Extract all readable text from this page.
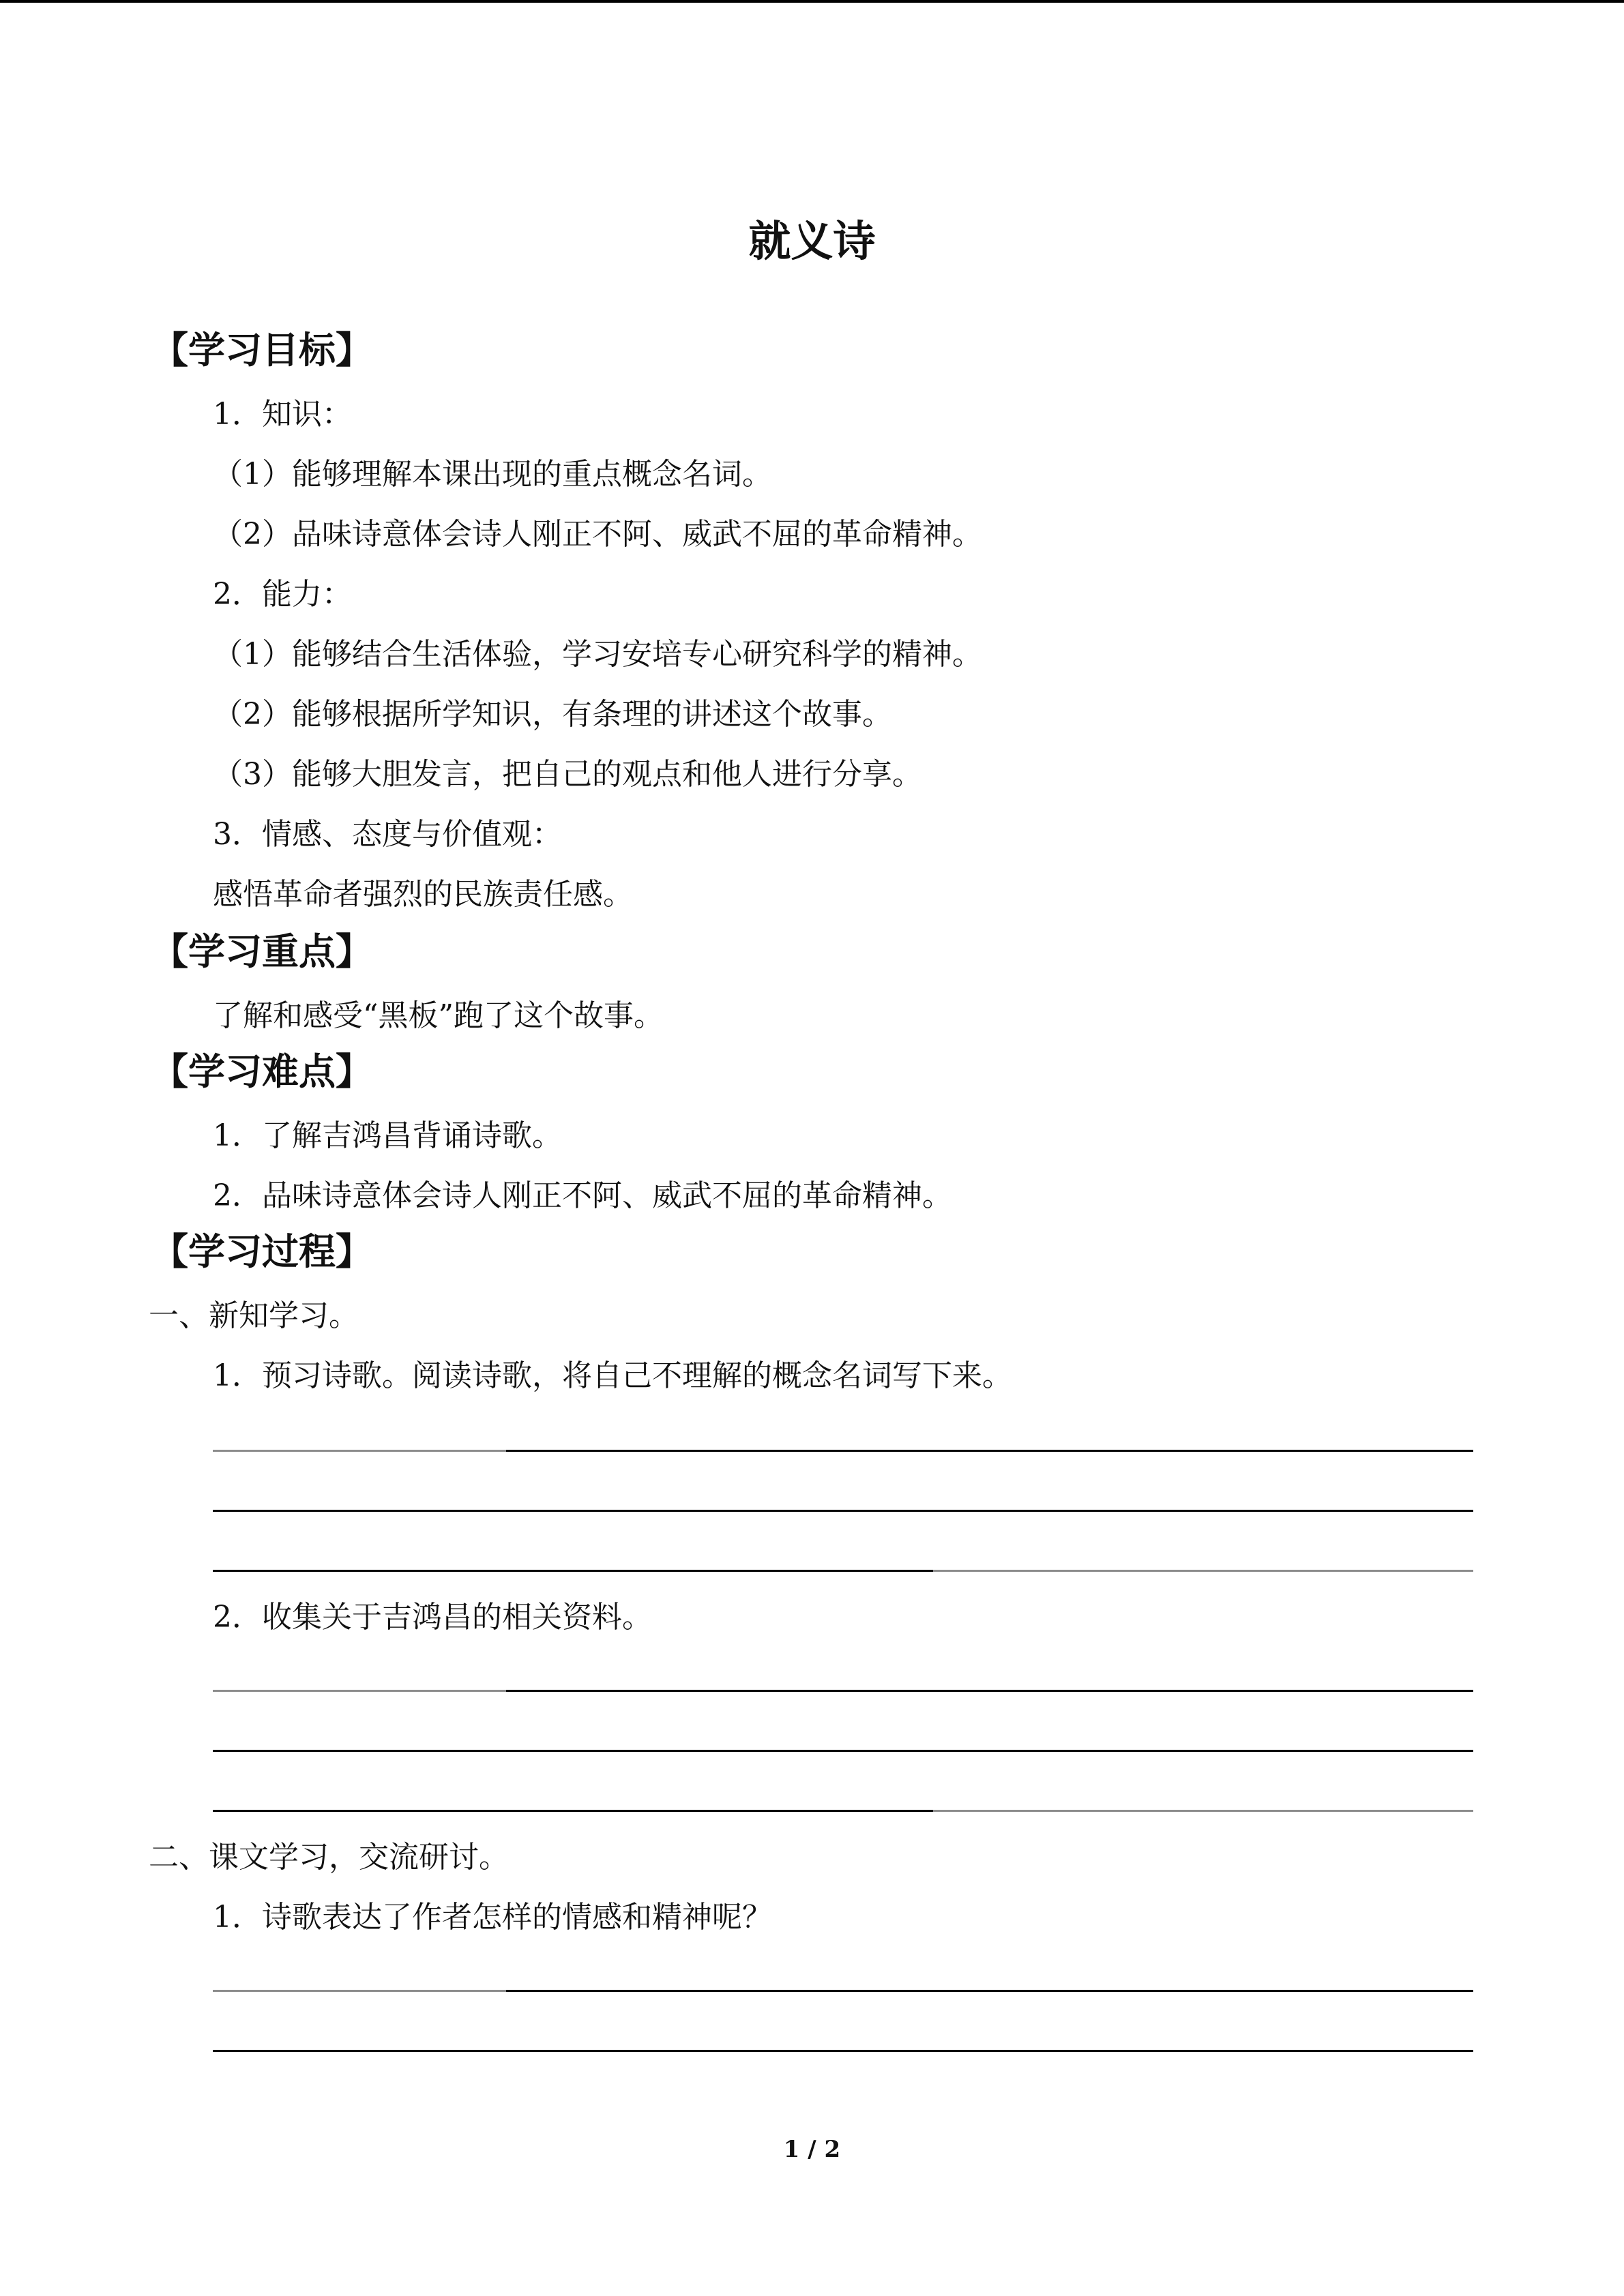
就义诗
【学习目标】
1．知识：
（1）能够理解本课出现的重点概念名词。
（2）品味诗意体会诗人刚正不阿、威武不屈的革命精神。
2．能力：
（1）能够结合生活体验，学习安培专心研究科学的精神。
（2）能够根据所学知识，有条理的讲述这个故事。
（3）能够大胆发言，把自己的观点和他人进行分享。
3．情感、态度与价值观：
感悟革命者强烈的民族责任感。
【学习重点】
了解和感受“黑板”跑了这个故事。
【学习难点】
1．了解吉鸿昌背诵诗歌。
2．品味诗意体会诗人刚正不阿、威武不屈的革命精神。
【学习过程】
一、新知学习。
1．预习诗歌。阅读诗歌，将自己不理解的概念名词写下来。
2．收集关于吉鸿昌的相关资料。
二、课文学习，交流研讨。
1．诗歌表达了作者怎样的情感和精神呢？
1 / 2
